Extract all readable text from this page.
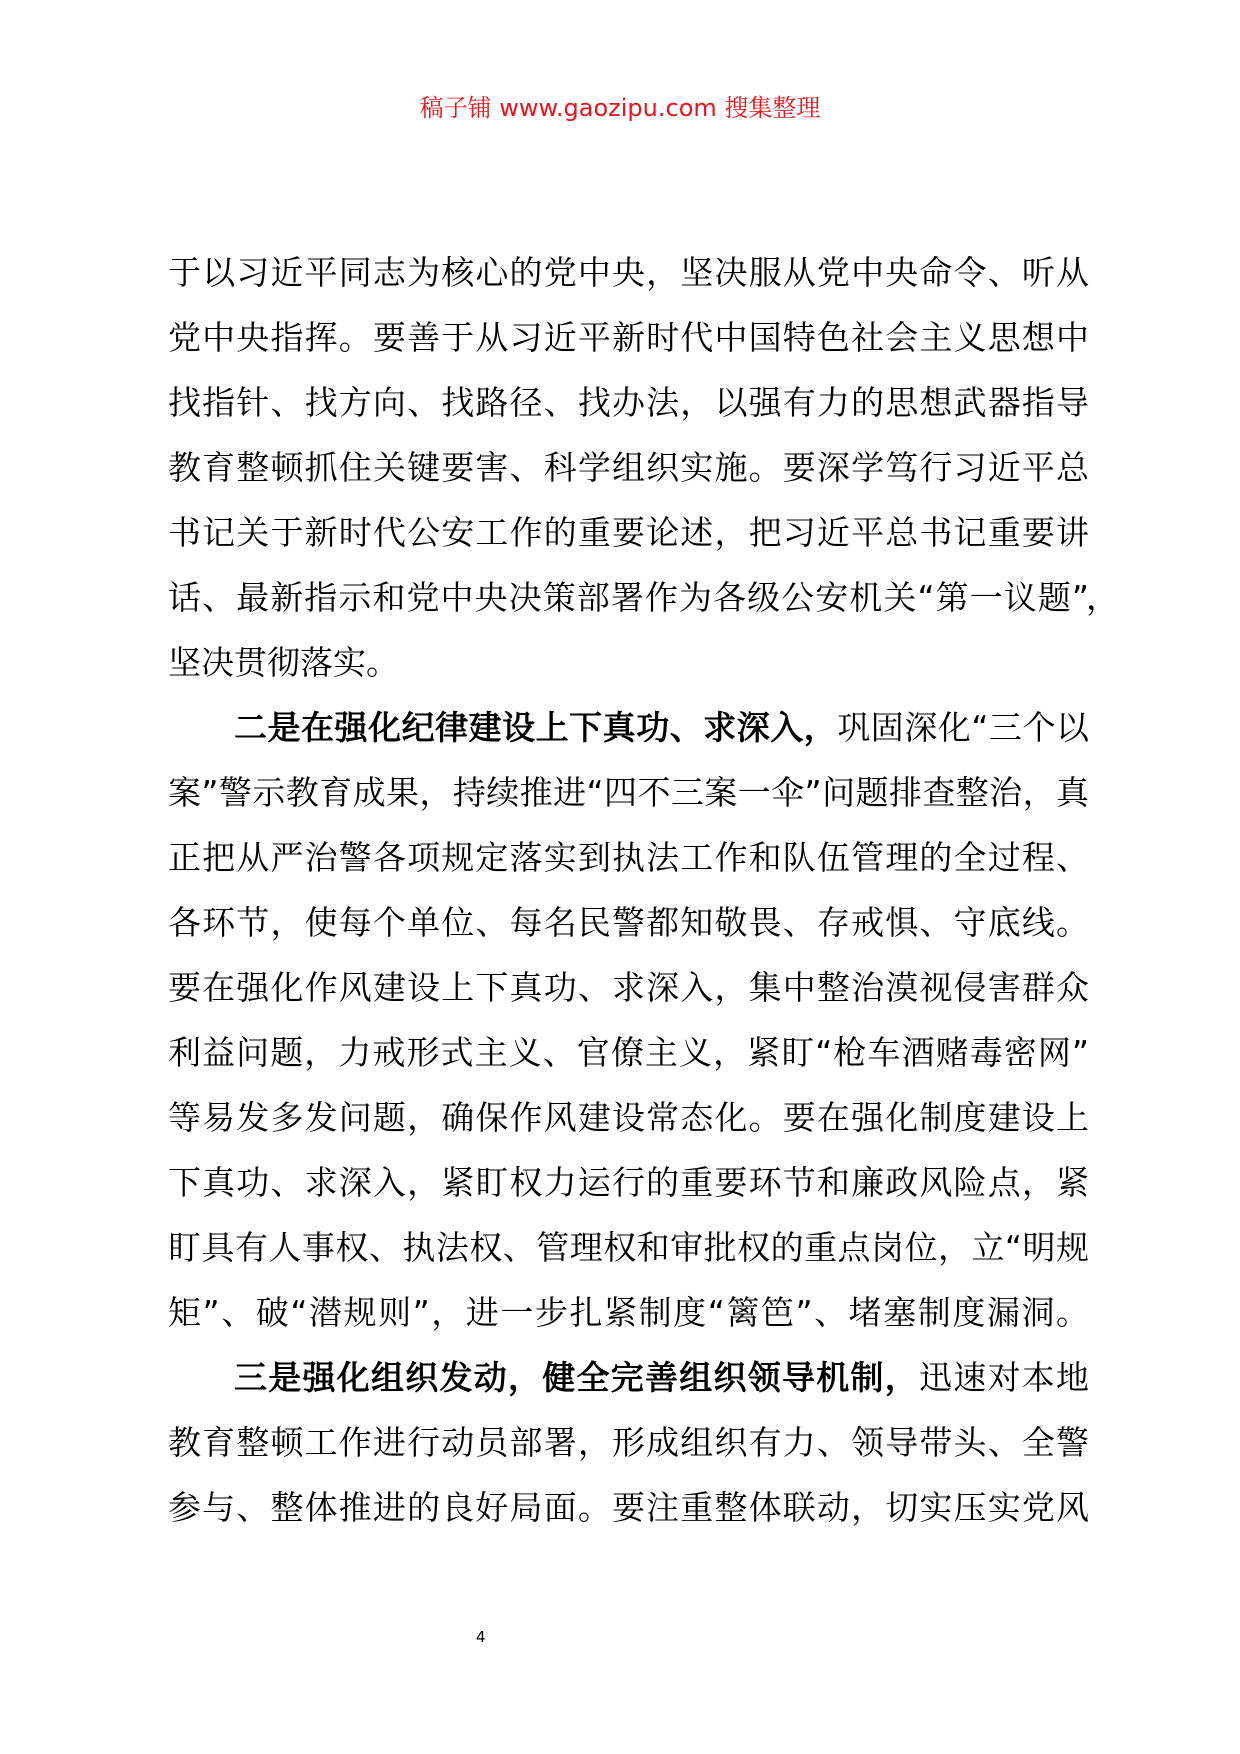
稿子铺 www.gaozipu.com 搜集整理
于以习近平同志为核心的党中央，坚决服从党中央命令、听从
党中央指挥。要善于从习近平新时代中国特色社会主义思想中
找指针、找方向、找路径、找办法，以强有力的思想武器指导
教育整顿抓住关键要害、科学组织实施。要深学笃行习近平总
书记关于新时代公安工作的重要论述，把习近平总书记重要讲
话、最新指示和党中央决策部署作为各级公安机关“第一议题”
，
坚决贯彻落实。
二是在强化纪律建设上下真功、求深入，巩固深化“三个以
案”警示教育成果，持续推进“四不三案一伞”问题排查整治，真
正把从严治警各项规定落实到执法工作和队伍管理的全过程、
各环节，使每个单位、每名民警都知敬畏、存戒惧、守底线。
要在强化作风建设上下真功、求深入，集中整治漠视侵害群众
利益问题，力戒形式主义、官僚主义，紧盯“枪车酒赌毒密网”
等易发多发问题，确保作风建设常态化。要在强化制度建设上
下真功、求深入，紧盯权力运行的重要环节和廉政风险点，紧
盯具有人事权、执法权、管理权和审批权的重点岗位，立“明规
矩”、破“潜规则”，进一步扎紧制度“篱笆”、堵塞制度漏洞。
三是强化组织发动，健全完善组织领导机制，迅速对本地
教育整顿工作进行动员部署，形成组织有力、领导带头、全警
参与、整体推进的良好局面。要注重整体联动，切实压实党风
4
